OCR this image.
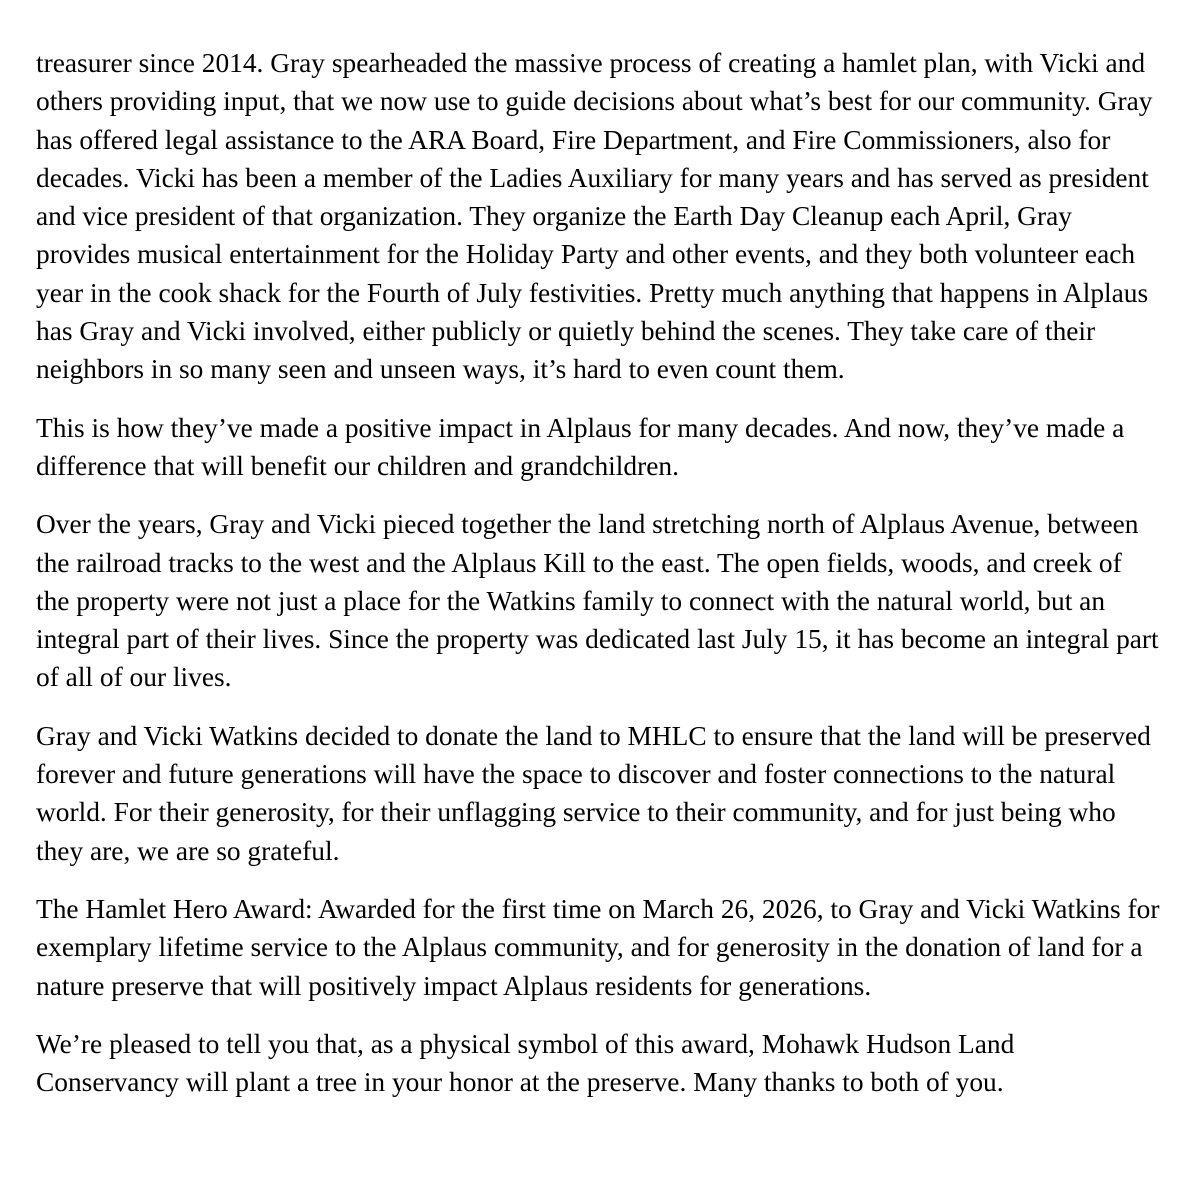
treasurer since 2014. Gray spearheaded the massive process of creating a hamlet plan, with Vicki and others providing input, that we now use to guide decisions about what’s best for our community. Gray has offered legal assistance to the ARA Board, Fire Department, and Fire Commissioners, also for decades. Vicki has been a member of the Ladies Auxiliary for many years and has served as president and vice president of that organization. They organize the Earth Day Cleanup each April, Gray provides musical entertainment for the Holiday Party and other events, and they both volunteer each year in the cook shack for the Fourth of July festivities. Pretty much anything that happens in Alplaus has Gray and Vicki involved, either publicly or quietly behind the scenes. They take care of their neighbors in so many seen and unseen ways, it’s hard to even count them.

This is how they’ve made a positive impact in Alplaus for many decades. And now, they’ve made a difference that will benefit our children and grandchildren.

Over the years, Gray and Vicki pieced together the land stretching north of Alplaus Avenue, between the railroad tracks to the west and the Alplaus Kill to the east. The open fields, woods, and creek of the property were not just a place for the Watkins family to connect with the natural world, but an integral part of their lives. Since the property was dedicated last July 15, it has become an integral part of all of our lives.

Gray and Vicki Watkins decided to donate the land to MHLC to ensure that the land will be preserved forever and future generations will have the space to discover and foster connections to the natural world. For their generosity, for their unflagging service to their community, and for just being who they are, we are so grateful.

The Hamlet Hero Award: Awarded for the first time on March 26, 2026, to Gray and Vicki Watkins for exemplary lifetime service to the Alplaus community, and for generosity in the donation of land for a nature preserve that will positively impact Alplaus residents for generations.

We’re pleased to tell you that, as a physical symbol of this award, Mohawk Hudson Land Conservancy will plant a tree in your honor at the preserve. Many thanks to both of you.
